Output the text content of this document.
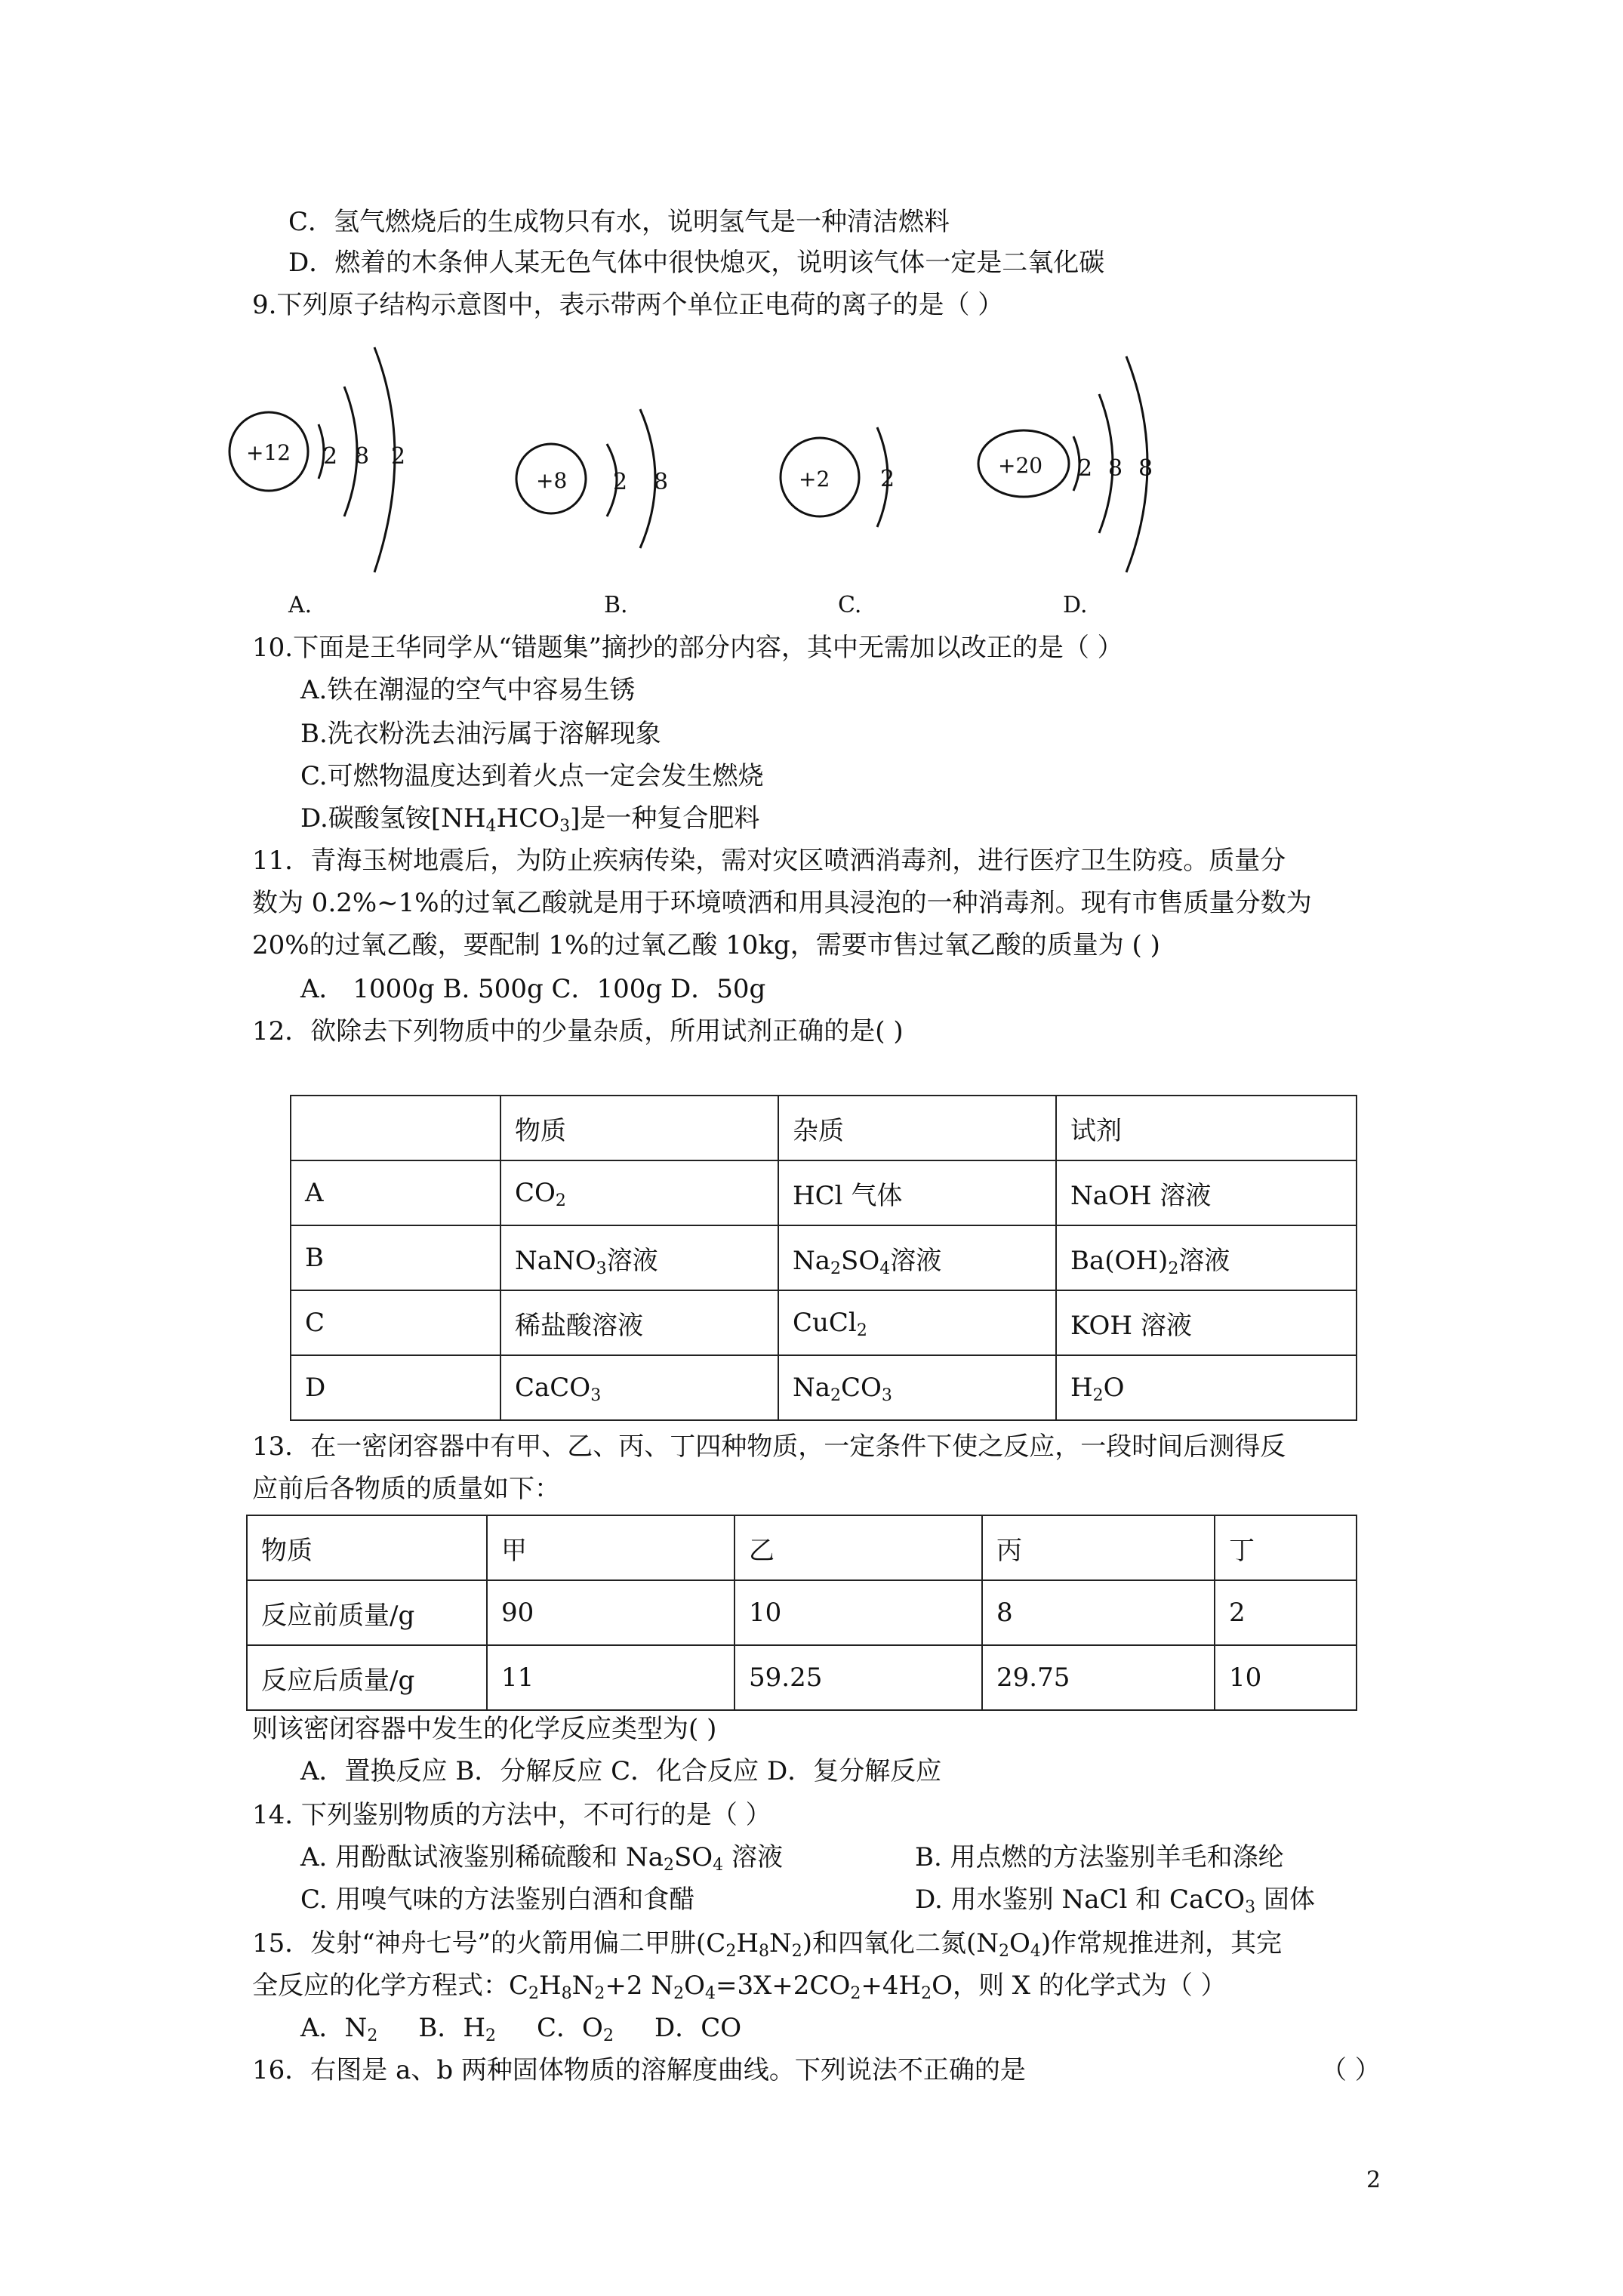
C．氢气燃烧后的生成物只有水，说明氢气是一种清洁燃料
D．燃着的木条伸人某无色气体中很快熄灭，说明该气体一定是二氧化碳
9.下列原子结构示意图中，表示带两个单位正电荷的离子的是（ ）
+12 2 8 2
A.
+8 2 8
B.
+2 2
C.
+20 2 8 8
D.
10.下面是王华同学从“错题集”摘抄的部分内容，其中无需加以改正的是（ ）
A.铁在潮湿的空气中容易生锈
B.洗衣粉洗去油污属于溶解现象
C.可燃物温度达到着火点一定会发生燃烧
D.碳酸氢铵$[NH_4HCO_3]$是一种复合肥料
11．青海玉树地震后，为防止疾病传染，需对灾区喷洒消毒剂，进行医疗卫生防疫。质量分
数为 0.2%~1%的过氧乙酸就是用于环境喷洒和用具浸泡的一种消毒剂。现有市售质量分数为
20%的过氧乙酸，要配制 1%的过氧乙酸 10kg，需要市售过氧乙酸的质量为 ( )
A． 1000g B. 500g C．100g D．50g
12．欲除去下列物质中的少量杂质，所用试剂正确的是( )
	物质	杂质	试剂
A	$CO_2$	HCl 气体	NaOH 溶液
B	NaNO$_3$溶液	$Na_2SO_4$溶液	$Ba(OH)_2$溶液
C	稀盐酸溶液	CuCl$_2$	KOH 溶液
D	CaCO$_3$	$Na_2CO_3$	$H_2O$
13．在一密闭容器中有甲、乙、丙、丁四种物质，一定条件下使之反应，一段时间后测得反
应前后各物质的质量如下：
物质	甲	乙	丙	丁
反应前质量/g	90	10	8	2
反应后质量/g	11	59.25	29.75	10
则该密闭容器中发生的化学反应类型为( )
A．置换反应 B．分解反应 C．化合反应 D．复分解反应
14. 下列鉴别物质的方法中，不可行的是（ ）
A. 用酚酞试液鉴别稀硫酸和 $Na_2SO_4$ 溶液	B. 用点燃的方法鉴别羊毛和涤纶
C. 用嗅气味的方法鉴别白酒和食醋	D. 用水鉴别 NaCl 和 CaCO$_3$ 固体
15．发射“神舟七号”的火箭用偏二甲肼$(C_2H_8N_2)$和四氧化二氮$(N_2O_4)$作常规推进剂，其完
全反应的化学方程式：$C_2H_8N_2+2$ $N_2O_4=3X+2CO_2+4H_2O$，则 X 的化学式为（ ）
A．$N_2$     B．$H_2$     C．$O_2$     D．CO
16．右图是 a、b 两种固体物质的溶解度曲线。下列说法不正确的是	（ ）
2
